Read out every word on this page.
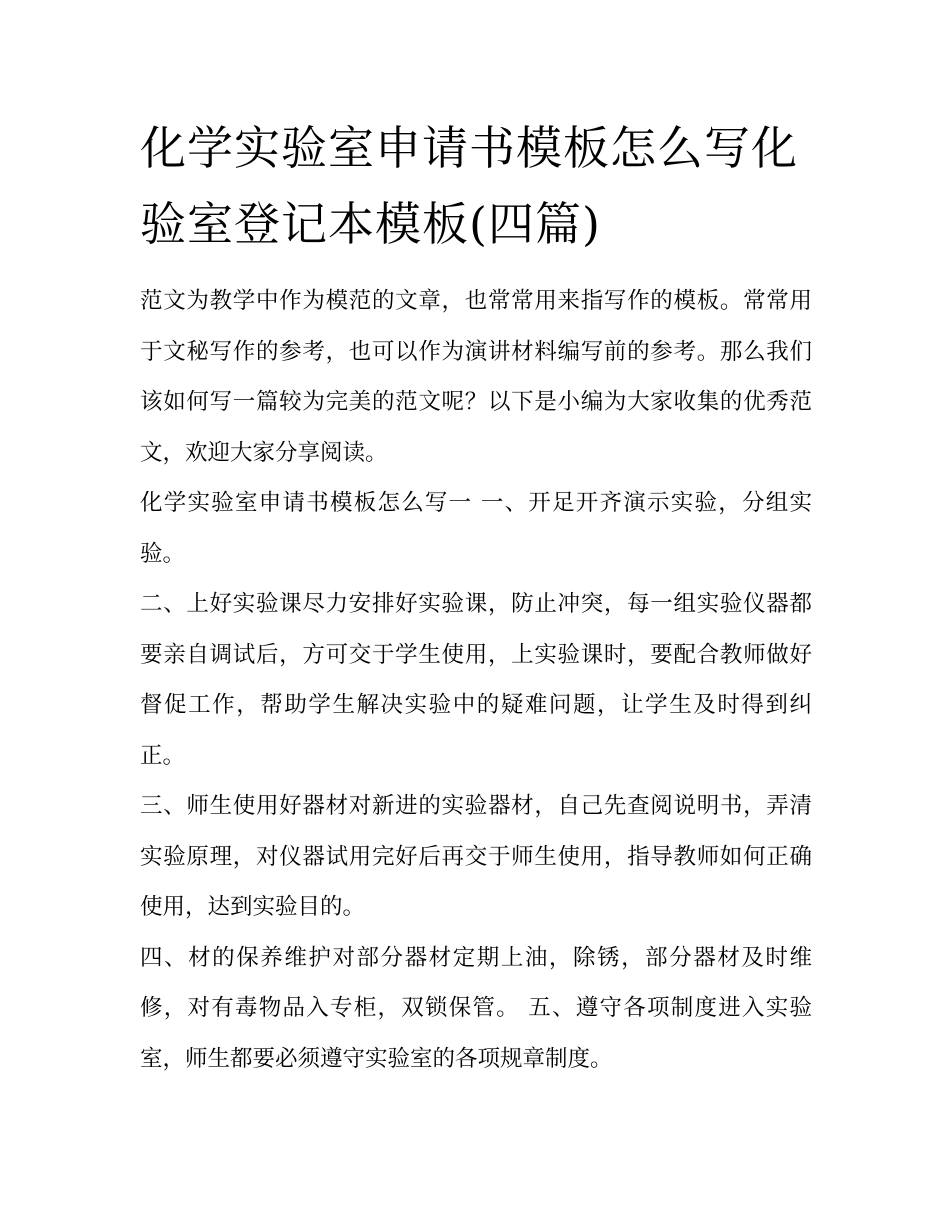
化学实验室申请书模板怎么写化验室登记本模板(四篇)

范文为教学中作为模范的文章，也常常用来指写作的模板。常常用于文秘写作的参考，也可以作为演讲材料编写前的参考。那么我们该如何写一篇较为完美的范文呢？以下是小编为大家收集的优秀范文，欢迎大家分享阅读。

化学实验室申请书模板怎么写一 一、开足开齐演示实验，分组实验。

二、上好实验课尽力安排好实验课，防止冲突，每一组实验仪器都要亲自调试后，方可交于学生使用，上实验课时，要配合教师做好督促工作，帮助学生解决实验中的疑难问题，让学生及时得到纠正。

三、师生使用好器材对新进的实验器材，自己先查阅说明书，弄清实验原理，对仪器试用完好后再交于师生使用，指导教师如何正确使用，达到实验目的。

四、材的保养维护对部分器材定期上油，除锈，部分器材及时维修，对有毒物品入专柜，双锁保管。 五、遵守各项制度进入实验室，师生都要必须遵守实验室的各项规章制度。
